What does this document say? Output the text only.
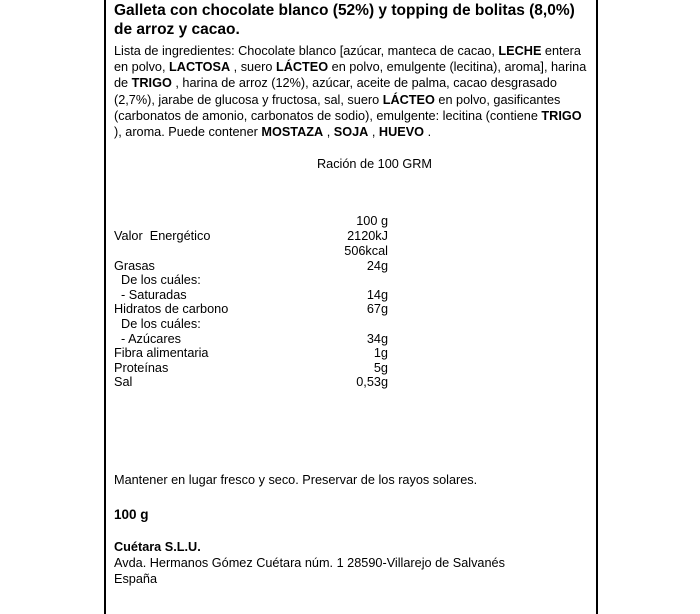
Galleta con chocolate blanco (52%) y topping de bolitas (8,0%) de arroz y cacao.
Lista de ingredientes: Chocolate blanco [azúcar, manteca de cacao, LECHE entera en polvo, LACTOSA , suero LÁCTEO en polvo, emulgente (lecitina), aroma], harina de TRIGO , harina de arroz (12%), azúcar, aceite de palma, cacao desgrasado (2,7%), jarabe de glucosa y fructosa, sal, suero LÁCTEO en polvo, gasificantes (carbonatos de amonio, carbonatos de sodio), emulgente: lecitina (contiene TRIGO ), aroma. Puede contener MOSTAZA , SOJA , HUEVO .
Ración de 100 GRM
100 g
Valor  Energético	2120kJ
506kcal
Grasas	24g
De los cuáles:
- Saturadas	14g
Hidratos de carbono	67g
De los cuáles:
- Azúcares	34g
Fibra alimentaria	1g
Proteínas	5g
Sal	0,53g
Mantener en lugar fresco y seco. Preservar de los rayos solares.
100 g
Cuétara S.L.U.
Avda. Hermanos Gómez Cuétara núm. 1 28590-Villarejo de Salvanés
España
